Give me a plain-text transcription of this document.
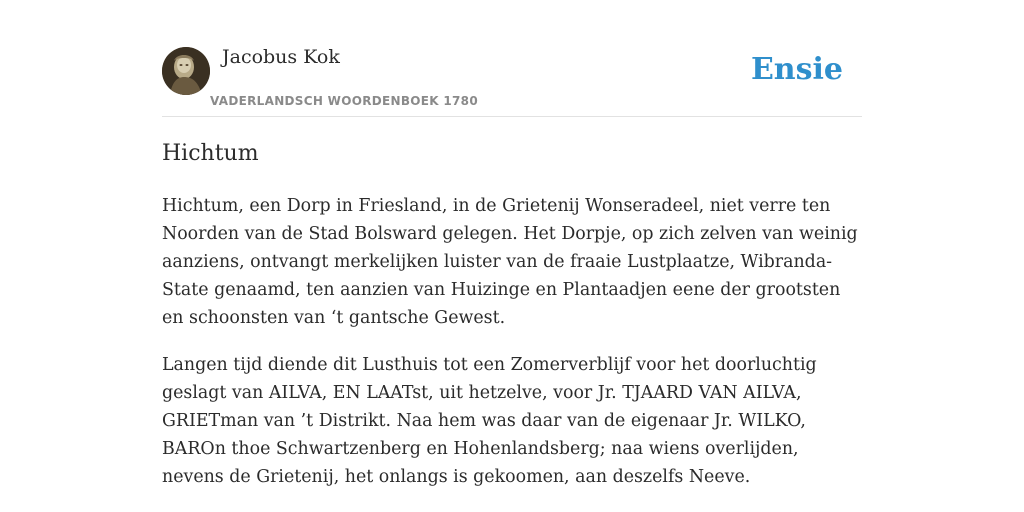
Jacobus Kok
VADERLANDSCH WOORDENBOEK 1780
Ensie
Hichtum

Hichtum, een Dorp in Friesland, in de Grietenij Wonseradeel, niet verre ten Noorden van de Stad Bolsward gelegen. Het Dorpje, op zich zelven van weinig aanziens, ontvangt merkelijken luister van de fraaie Lustplaatze, Wibranda-State genaamd, ten aanzien van Huizinge en Plantaadjen eene der grootsten en schoonsten van ‘t gantsche Gewest.

Langen tijd diende dit Lusthuis tot een Zomerverblijf voor het doorluchtig geslagt van AILVA, EN LAATst, uit hetzelve, voor Jr. TJAARD VAN AILVA, GRIETman van ’t Distrikt. Naa hem was daar van de eigenaar Jr. WILKO, BAROn thoe Schwartzenberg en Hohenlandsberg; naa wiens overlijden, nevens de Grietenij, het onlangs is gekoomen, aan deszelfs Neeve.
